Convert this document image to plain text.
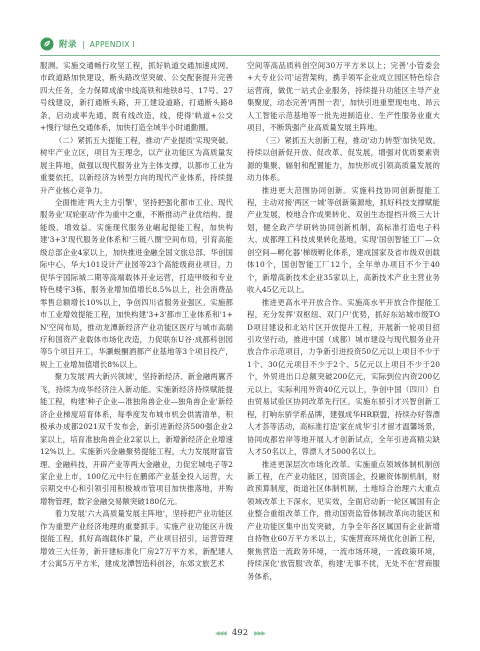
附录 | APPENDIX I

服测。实施交通畅行攻坚工程，抓好轨道交通加速成网、市政道路加快建设，断头路改坚突破、公交配套提升完善四大任务，全力保障成渝中线高铁和地铁8号、17号、27号线建设，新打通断头路，开工建设道路，打通断头路8条，启动或率先通，既有线改造，线，使得'轨道+公交+慢行'绿色交通体系，加快打造全域半小时通勤圈。

（二）紧抓五大提能工程，推动'产业提质'实现突破。树牢产业立区，项目为王理念，以产业功能区为高质量发展主阵地，做强以现代服务业为主体支撑，以都市工业为重要依托，以新经济为转型方向的现代产业体系，持续提升产业核心竞争力。

全面推进'两大主力引擎'，坚持把强化都市工业、现代服务业'双轮驱动'作为重中之重，不断推动产业优结构、提能级、增效益。实施现代服务业崛起提能工程，加快构建'3+3'现代服务业体系和'三链八圈'空间布局，引育高能级总部企业4家以上，加快推进金融全国文旅总部、华创国际中心，华大101设计产业园等23个高能级商业项目，力促华宇国际城二期等高端载体开业运营，打造甲级和专业特色楼宇3栋，服务业增加值增长8.5%以上，社会消费品零售总额增长10%以上，争创四川省服务业强区。实施都市工业增效提能工程，加快构建'3+3'都市工业体系和'1+N'空间布局，推动龙潭新经济产业功能区医疗与城市高端疗和国资产业载体市场化改造，力促联东U谷·成都科创园等5个项目开工，华灏蜕酮酒都产业基地等3个项目投产，规上工业增加值增长8%以上。

聚力发展'两大新兴领域'，坚持新经济、新金融两翼齐飞，持续为成华经济注入新动能。实施新经济持续赋能提能工程，构建'种子企业—准独角兽企业—独角兽企业'新经济企业梯度培育体系，每季度发布城市机会供需清单，积极承办成都2021双千发布会，新引进新经济500强企业2家以上，培育准独角兽企业2家以上，新增新经济企业增速12%以上。实施新兴金融聚势提能工程，大力发展财富管理、金融科技，开辟产业等两大金融业，力促宏城电子等2家企业上市，100亿元中行在鹏郎产业基金投入运营，大宗期交中心和引领引用积极城市管项目加快推落地，并购增物管理，数字金融交易额突破180亿元。

着力发展'六大高质量发展主阵地'，坚持把产业功能区作为重塑产业经济地理的重要抓手。实施产业功能区升级提能工程，抓好高端载体扩量，产业项目招引，运营管理增效三大任务，新开建标准化厂房27万平方米，新配建人才公寓5万平方米，建成龙潭智造科创谷，东郊文旅艺术

空间等高品质科创空间30万平方米以上；完善'小管委会+大专业公司'运营架构，携手领军企业成立园区特色综合运营商，做优一站式企业服务，持续提升功能区主导产业集聚度，动态完善'两图一表'，加快引进重塑现电电、昂云人工智能示范基地等一批先进制造业、生产性服务业重大项目，不断筑强产业高质量发展主阵地。

（三）紧抓五大创新工程，推动'动力转型'加快见效。持续以创新促开放、促改革、促发展，增强对优质要素资源的集聚、辐射和配置能力，加快形成引领高质量发展的动力体系。

推进更大范围协同创新。实施科技协同创新提能工程，主动对接'两区一城'等创新策源地，抓好科技支撑赋能产业发展，校地合作成果转化、双创生态提档升级三大计划，健全政产学研转协同创新机制，高标准打造电子科大、成都理工科技成果转化基地，实现'国创智能工厂—众创空间—孵化器'梯级孵化体系，建成国家及省市级双创载体10个，国创智能工厂12个，全年单办项目不少于40个，新增高新技术企业35家以上，高新技术产业主营业务收入45亿元以上。

推进更高水平开放合作。实施高水平开放合作提能工程，充分发挥'双枢纽、双门户'优势，抓好东站城市级TOD项目建设和北站片区开放提升工程，开展新一轮项目招引攻坚行动，推进中国（成都）城市建设与现代服务业开放合作示范项目，力争新引进投资50亿元以上项目不少于1个、30亿元项目不少于2个、5亿元以上项目不少于20个，外贸进出口总额突破200亿元，实际到位内资200亿元以上，实际利用外资40亿元以上，争创中国（四川）自由贸易试验区协同改革先行区。实施东骄引才兴智创新工程，打响东骄学系品牌，建强成华HR联盟，持续办好蓉漂人才荟等活动，高标准打造'家在成华'引才留才温馨场景，协同成都岩岸等地开展人才创新试点，全年引进高精尖缺人才50名以上，蓉漂人才5000名以上。

推进更深层次市场化改革。实施重点领域体制机制创新工程，在产业功能区，国资国企，投融资体制机制，财政预算制度，街道社区体制机制，土地综合治理六大重点领域改革上下深水，见实效，全面启动新一轮区属国有企业整合重组改革工作，推动国资监管体制改革向功能区和产业功能区集中出发突破，力争全年各区属国有企业新增自持物业60万平方米以上，实施营商环境优化创新工程，聚焦营造一流政务环境，一流市场环境，一流政策环境，持续深化'放管服'改革，构建'无事不扰，无处不在'营商服务体系，

◀◀◀ 492 ▶▶▶
